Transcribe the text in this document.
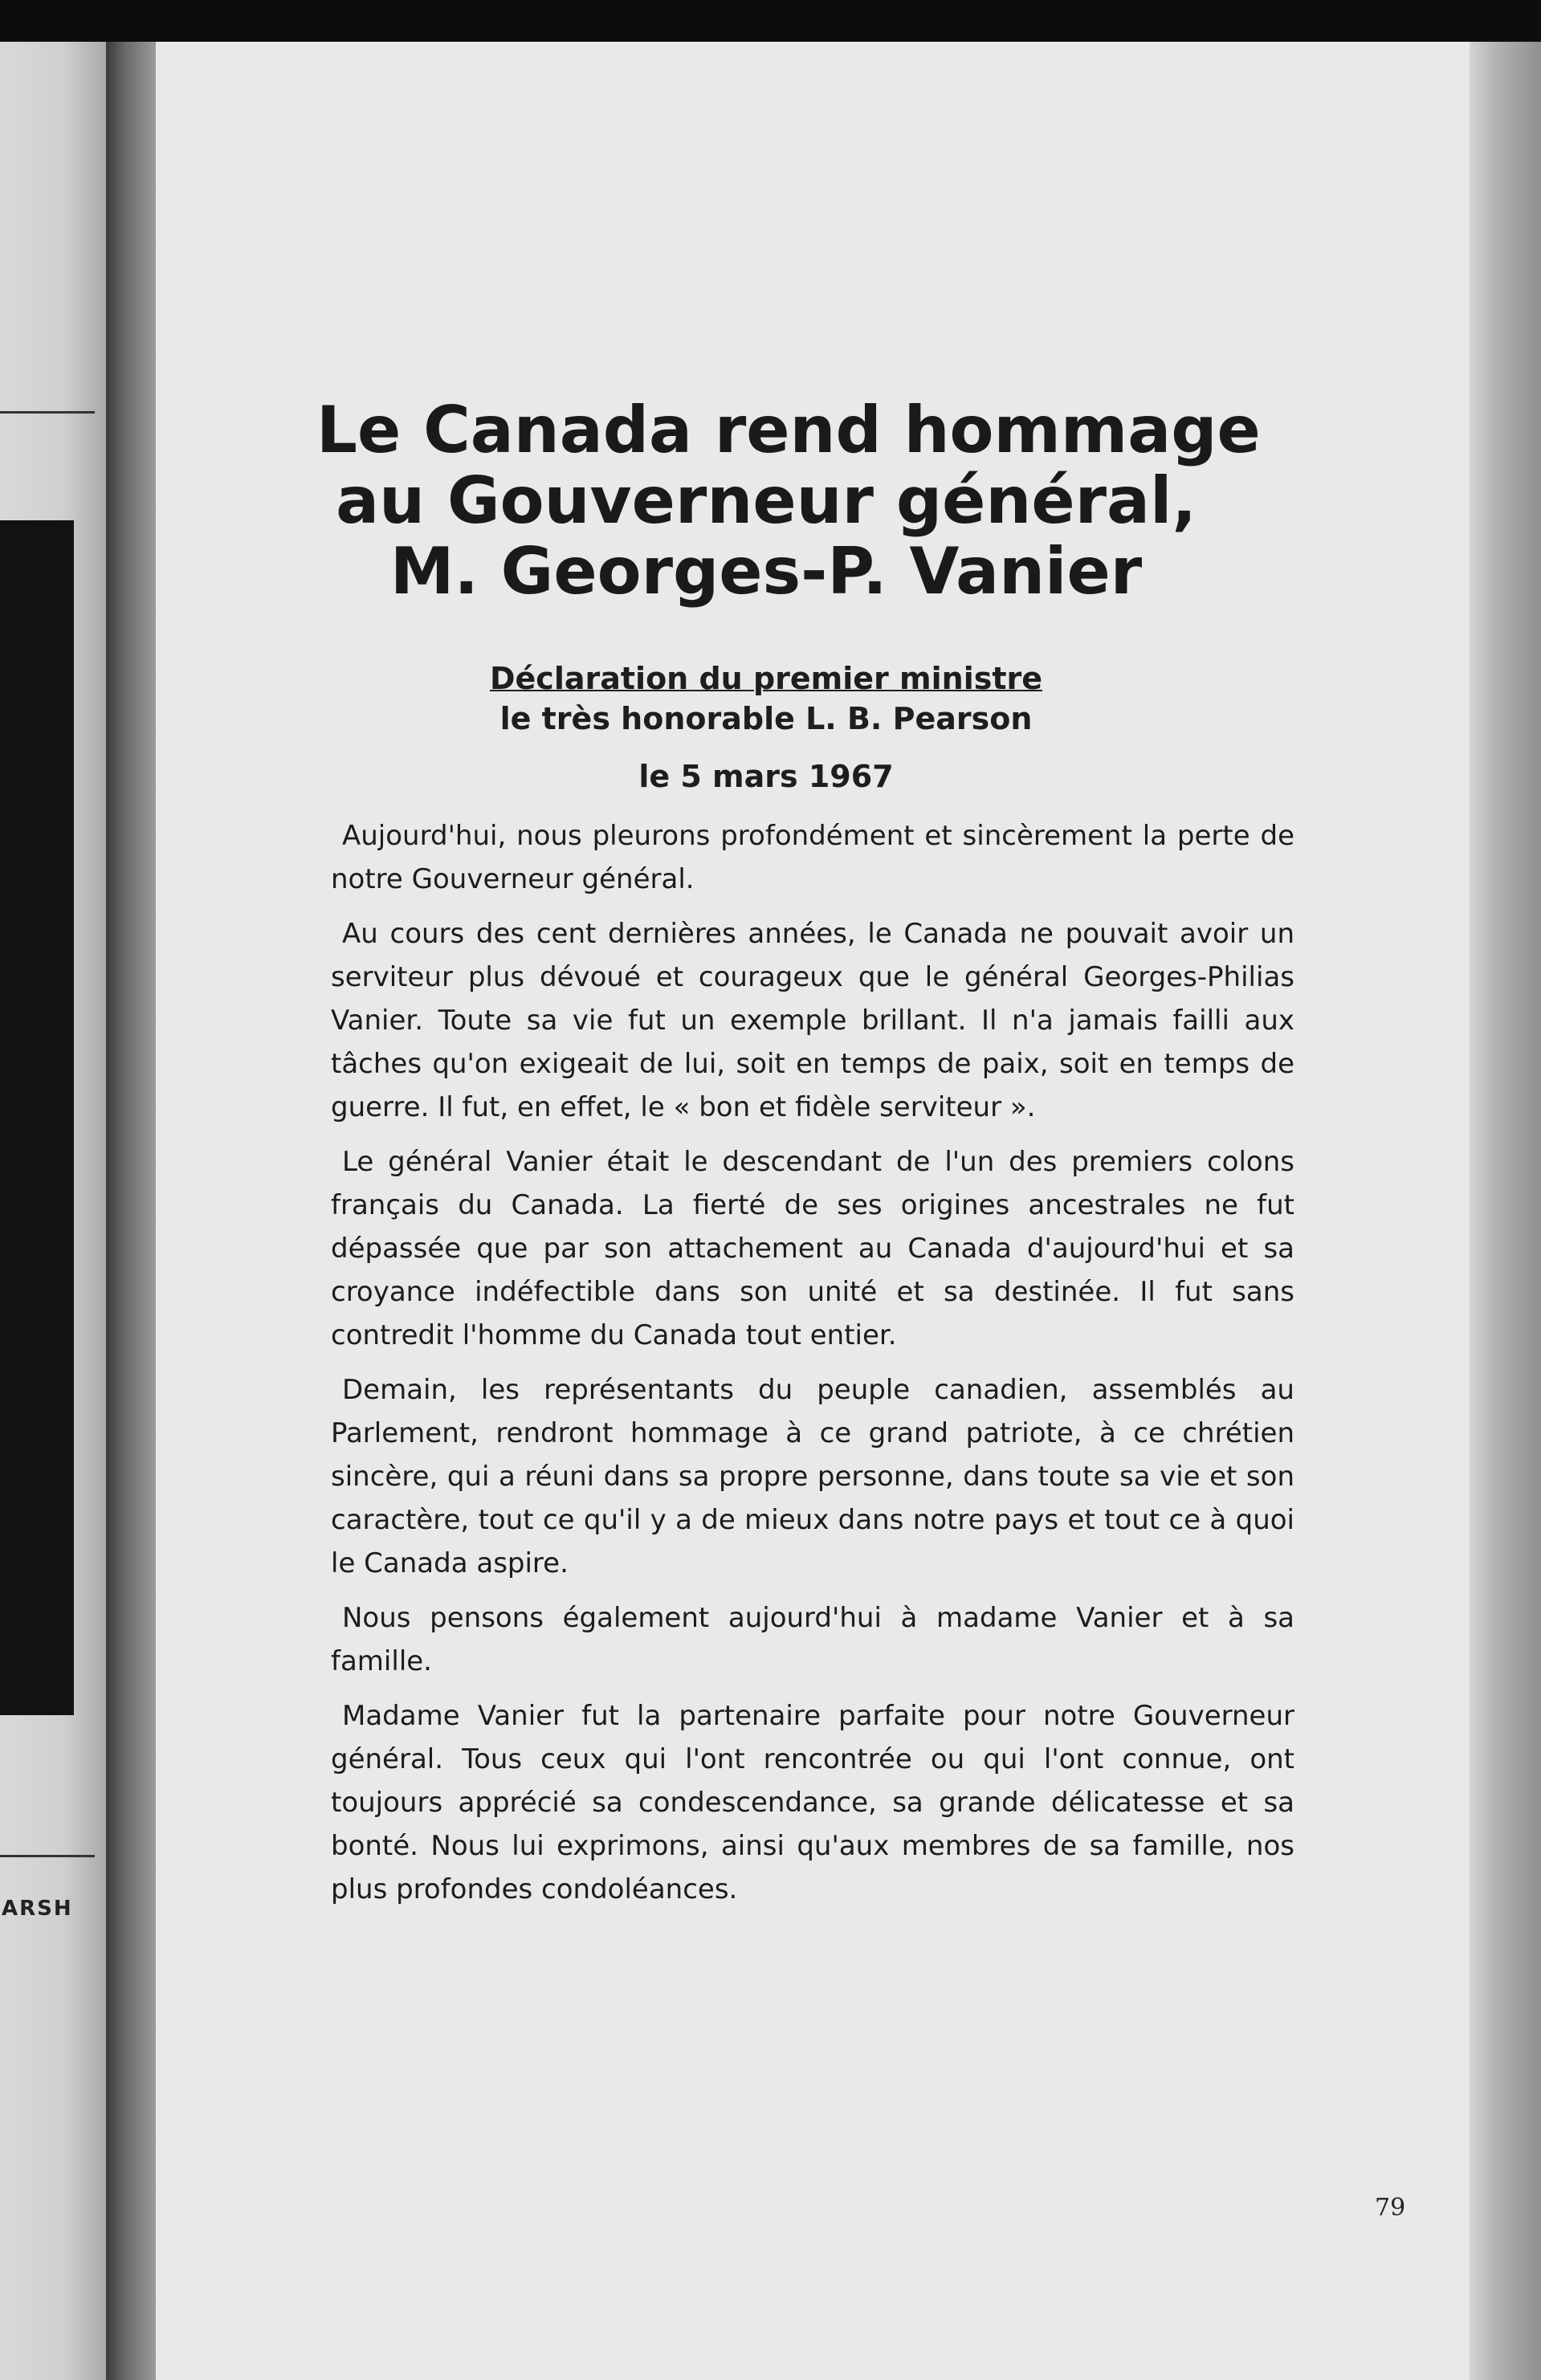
ARSH
Le Canada rend hommage
au Gouverneur général,
M. Georges-P. Vanier
Déclaration du premier ministre
le très honorable L. B. Pearson
le 5 mars 1967

Aujourd'hui, nous pleurons profondément et sincèrement la perte de notre Gouverneur général.

Au cours des cent dernières années, le Canada ne pouvait avoir un serviteur plus dévoué et courageux que le général Georges-Philias Vanier. Toute sa vie fut un exemple brillant. Il n'a jamais failli aux tâches qu'on exigeait de lui, soit en temps de paix, soit en temps de guerre. Il fut, en effet, le « bon et fidèle serviteur ».

Le général Vanier était le descendant de l'un des premiers colons français du Canada. La fierté de ses origines ancestrales ne fut dépassée que par son attachement au Canada d'aujourd'hui et sa croyance indéfectible dans son unité et sa destinée. Il fut sans contredit l'homme du Canada tout entier.

Demain, les représentants du peuple canadien, assemblés au Parlement, rendront hommage à ce grand patriote, à ce chrétien sincère, qui a réuni dans sa propre personne, dans toute sa vie et son caractère, tout ce qu'il y a de mieux dans notre pays et tout ce à quoi le Canada aspire.

Nous pensons également aujourd'hui à madame Vanier et à sa famille.

Madame Vanier fut la partenaire parfaite pour notre Gouverneur général. Tous ceux qui l'ont rencontrée ou qui l'ont connue, ont toujours apprécié sa condescendance, sa grande délicatesse et sa bonté. Nous lui exprimons, ainsi qu'aux membres de sa famille, nos plus profondes condoléances.

79
